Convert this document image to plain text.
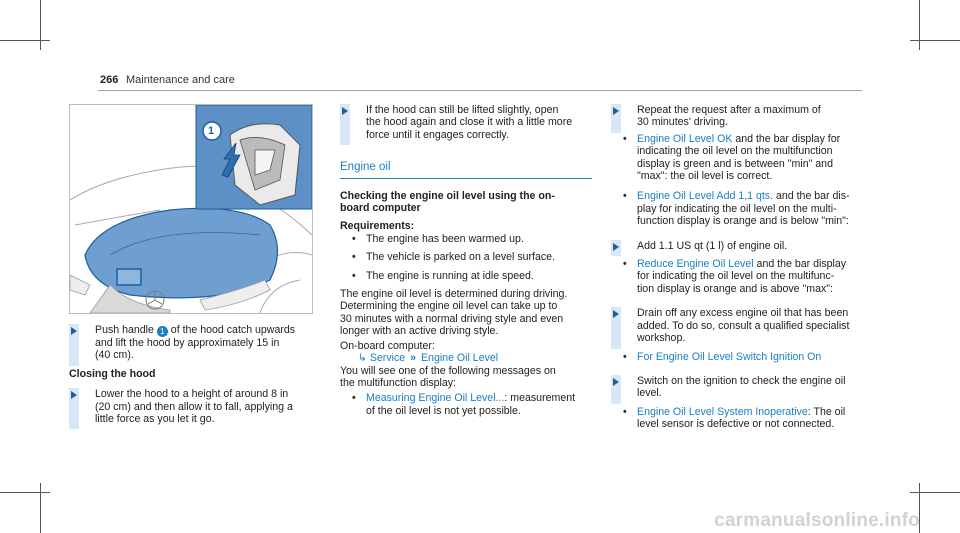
266 Maintenance and care
1

Push handle 1 of the hood catch upwards

and lift the hood by approximately 15 in

(40 cm).

Closing the hood

Lower the hood to a height of around 8 in

(20 cm) and then allow it to fall, applying a

little force as you let it go.

If the hood can still be lifted slightly, open

the hood again and close it with a little more

force until it engages correctly.

Engine oil

Checking the engine oil level using the on-

board computer

Requirements:

• The engine has been warmed up.
• The vehicle is parked on a level surface.
• The engine is running at idle speed.

The engine oil level is determined during driving.

Determining the engine oil level can take up to

30 minutes with a normal driving style and even

longer with an active driving style.

On-board computer:

↳ Service » Engine Oil Level

You will see one of the following messages on

the multifunction display:

• Measuring Engine Oil Level...: measurement

of the oil level is not yet possible.

Repeat the request after a maximum of

30 minutes' driving.

• Engine Oil Level OK and the bar display for

indicating the oil level on the multifunction

display is green and is between "min" and

"max": the oil level is correct.

• Engine Oil Level Add 1,1 qts. and the bar dis-

play for indicating the oil level on the multi-

function display is orange and is below "min":

Add 1.1 US qt (1 l) of engine oil.

• Reduce Engine Oil Level and the bar display

for indicating the oil level on the multifunc-

tion display is orange and is above "max":

Drain off any excess engine oil that has been

added. To do so, consult a qualified specialist

workshop.

• For Engine Oil Level Switch Ignition On

Switch on the ignition to check the engine oil

level.

• Engine Oil Level System Inoperative: The oil

level sensor is defective or not connected.

carmanualsonline.info
